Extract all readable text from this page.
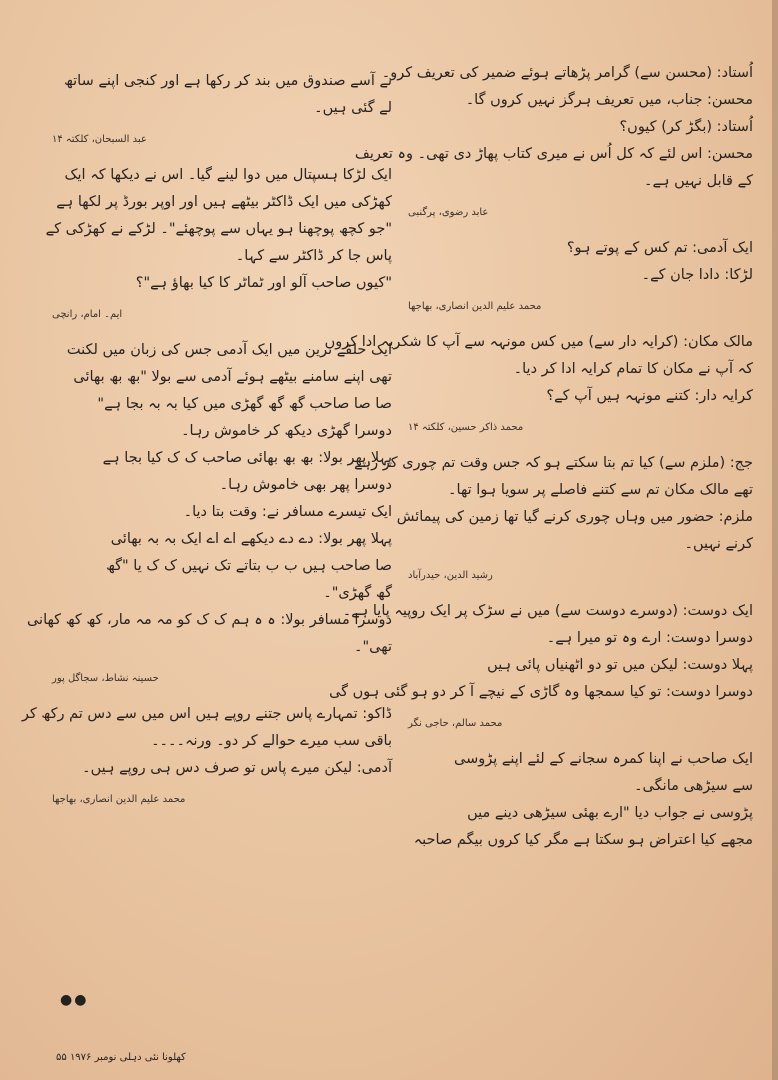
اُستاد: (محسن سے) گرامر پڑھاتے ہوئے ضمیر کی تعریف کرو۔
محسن: جناب، میں تعریف ہرگز نہیں کروں گا۔
اُستاد: (بگڑ کر) کیوں؟
محسن: اس لئے کہ کل اُس نے میری کتاب پھاڑ دی تھی۔ وہ تعریف
کے قابل نہیں ہے۔
عابد رضوی، پرگنبی
ایک آدمی: تم کس کے پوتے ہو؟
لڑکا: دادا جان کے۔
محمد علیم الدین انصاری، بھاجھا
مالک مکان: (کرایہ دار سے) میں کس مونہہ سے آپ کا شکریہ ادا کروں
کہ آپ نے مکان کا تمام کرایہ ادا کر دیا۔
کرایہ دار: کتنے مونہہ ہیں آپ کے؟
محمد ذاکر حسین، کلکتہ ۱۴
جج: (ملزم سے) کیا تم بتا سکتے ہو کہ جس وقت تم چوری کر رہے
تھے مالک مکان تم سے کتنے فاصلے پر سویا ہوا تھا۔
ملزم: حضور میں وہاں چوری کرنے گیا تھا زمین کی پیمائش
کرنے نہیں۔
رشید الدین، حیدرآباد
ایک دوست: (دوسرے دوست سے) میں نے سڑک پر ایک روپیہ پایا ہے۔
دوسرا دوست: ارے وہ تو میرا ہے۔
پہلا دوست: لیکن میں تو دو اٹھنیاں پائی ہیں
دوسرا دوست: تو کیا سمجھا وہ گاڑی کے نیچے آ کر دو ہو گئی ہوں گی
محمد سالم، حاجی نگر
ایک صاحب نے اپنا کمرہ سجانے کے لئے اپنے پڑوسی
سے سیڑھی مانگی۔
پڑوسی نے جواب دیا "ارے بھئی سیڑھی دینے میں
مجھے کیا اعتراض ہو سکتا ہے مگر کیا کروں بیگم صاحبہ
نے آسے صندوق میں بند کر رکھا ہے اور کنجی اپنے ساتھ
لے گئی ہیں۔
عبد السبحان، کلکتہ ۱۴
ایک لڑکا ہسپتال میں دوا لینے گیا۔ اس نے دیکھا کہ ایک
کھڑکی میں ایک ڈاکٹر بیٹھے ہیں اور اوپر بورڈ پر لکھا ہے
"جو کچھ پوچھنا ہو یہاں سے پوچھئے"۔ لڑکے نے کھڑکی کے
پاس جا کر ڈاکٹر سے کہا۔
"کیوں صاحب آلو اور ٹماٹر کا کیا بھاؤ ہے"؟
ایم۔ امام، رانچی
ایک حلقے ترین میں ایک آدمی جس کی زبان میں لکنت
تھی اپنے سامنے بیٹھے ہوئے آدمی سے بولا "بھ بھ بھائی
صا صا صاحب گھ گھ گھڑی میں کیا بہ بہ بجا ہے"
دوسرا گھڑی دیکھ کر خاموش رہا۔
پہلا پھر بولا: بھ بھ بھائی صاحب ک ک کیا بجا ہے
دوسرا پھر بھی خاموش رہا۔
ایک تیسرے مسافر نے: وقت بتا دیا۔
پہلا پھر بولا: دے دے دیکھے اے اے ایک بہ بہ بھائی
صا صاحب ہیں ب ب بتاتے تک نہیں ک ک یا "گھ
گھ گھڑی"۔
دوسرا مسافر بولا: ہ ہ ہم ک ک کو مہ مہ مار، کھ کھ کھانی
تھی"۔
حسینہ نشاط، سجاگل پور
ڈاکو: تمہارے پاس جتنے روپے ہیں اس میں سے دس تم رکھ کر
باقی سب میرے حوالے کر دو۔ ورنہ۔۔۔۔
آدمی: لیکن میرے پاس تو صرف دس ہی روپے ہیں۔
محمد علیم الدین انصاری، بھاجھا
●●
کھلونا نئی دہلی نومبر ۱۹۷۶ ۵۵
